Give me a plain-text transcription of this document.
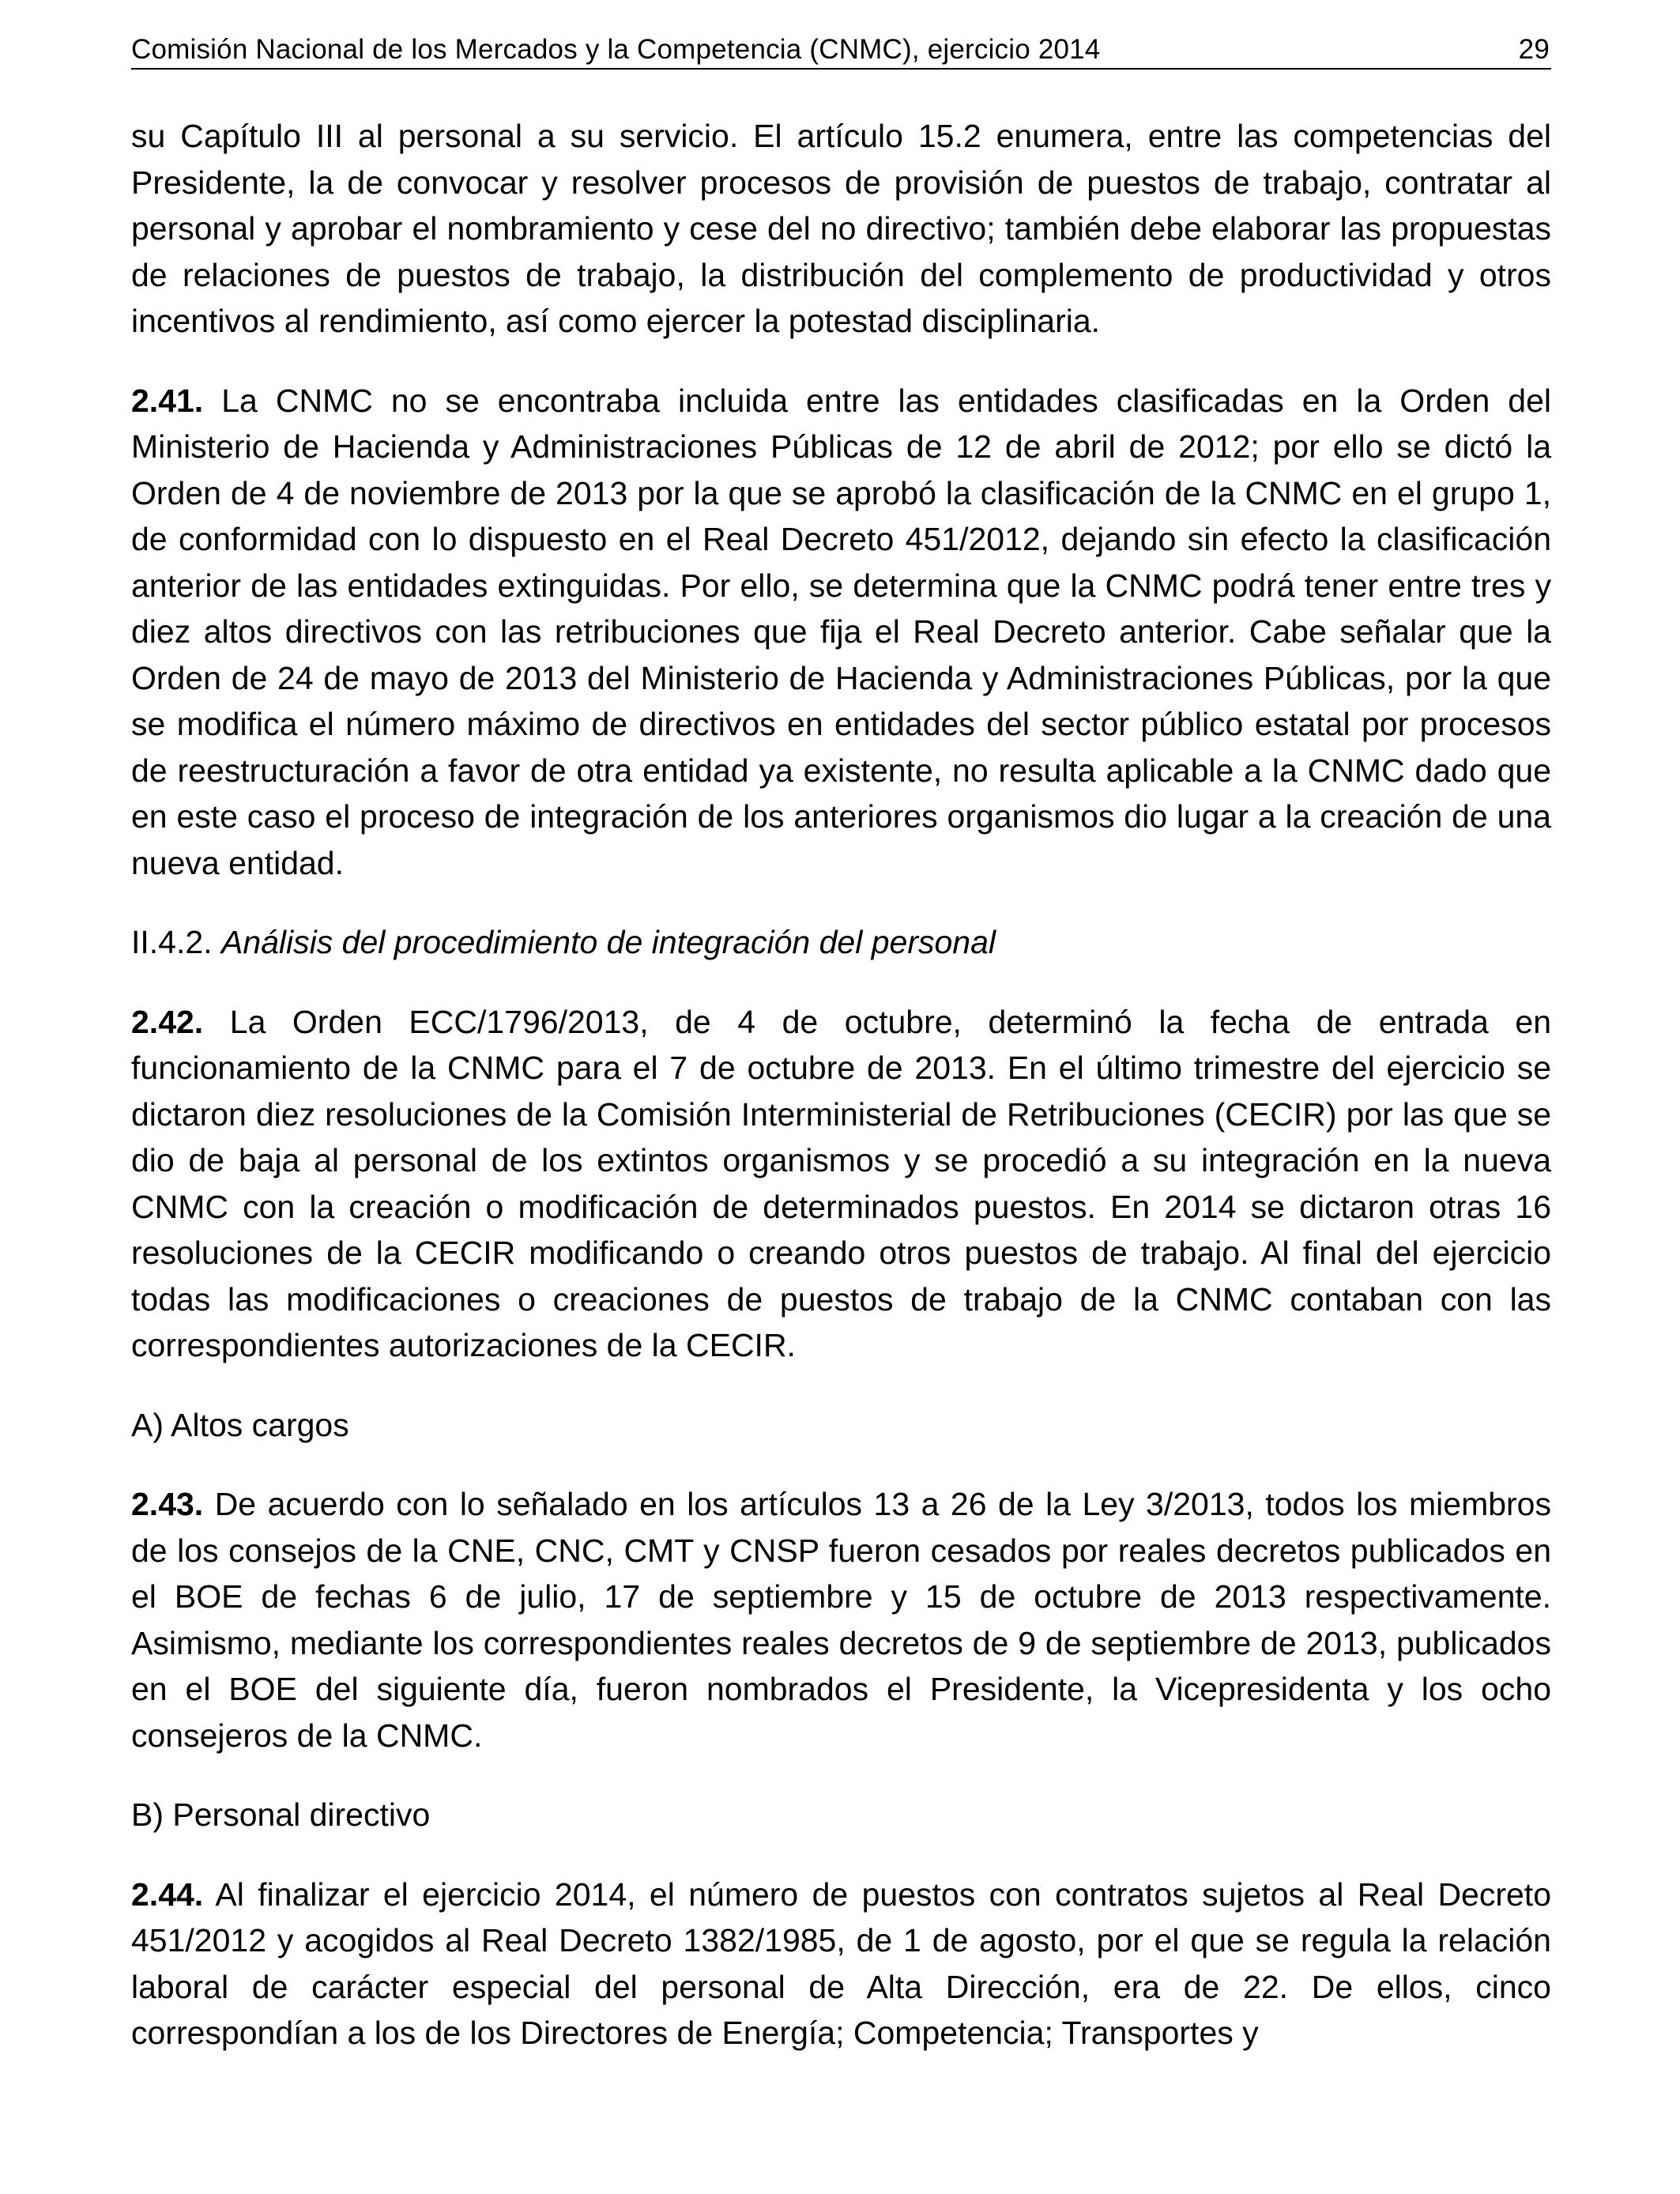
Comisión Nacional de los Mercados y la Competencia (CNMC), ejercicio 2014	29

su Capítulo III al personal a su servicio. El artículo 15.2 enumera, entre las competencias del Presidente, la de convocar y resolver procesos de provisión de puestos de trabajo, contratar al personal y aprobar el nombramiento y cese del no directivo; también debe elaborar las propuestas de relaciones de puestos de trabajo, la distribución del complemento de productividad y otros incentivos al rendimiento, así como ejercer la potestad disciplinaria.

2.41. La CNMC no se encontraba incluida entre las entidades clasificadas en la Orden del Ministerio de Hacienda y Administraciones Públicas de 12 de abril de 2012; por ello se dictó la Orden de 4 de noviembre de 2013 por la que se aprobó la clasificación de la CNMC en el grupo 1, de conformidad con lo dispuesto en el Real Decreto 451/2012, dejando sin efecto la clasificación anterior de las entidades extinguidas. Por ello, se determina que la CNMC podrá tener entre tres y diez altos directivos con las retribuciones que fija el Real Decreto anterior. Cabe señalar que la Orden de 24 de mayo de 2013 del Ministerio de Hacienda y Administraciones Públicas, por la que se modifica el número máximo de directivos en entidades del sector público estatal por procesos de reestructuración a favor de otra entidad ya existente, no resulta aplicable a la CNMC dado que en este caso el proceso de integración de los anteriores organismos dio lugar a la creación de una nueva entidad.

II.4.2. Análisis del procedimiento de integración del personal

2.42. La Orden ECC/1796/2013, de 4 de octubre, determinó la fecha de entrada en funcionamiento de la CNMC para el 7 de octubre de 2013. En el último trimestre del ejercicio se dictaron diez resoluciones de la Comisión Interministerial de Retribuciones (CECIR) por las que se dio de baja al personal de los extintos organismos y se procedió a su integración en la nueva CNMC con la creación o modificación de determinados puestos. En 2014 se dictaron otras 16 resoluciones de la CECIR modificando o creando otros puestos de trabajo. Al final del ejercicio todas las modificaciones o creaciones de puestos de trabajo de la CNMC contaban con las correspondientes autorizaciones de la CECIR.

A) Altos cargos

2.43. De acuerdo con lo señalado en los artículos 13 a 26 de la Ley 3/2013, todos los miembros de los consejos de la CNE, CNC, CMT y CNSP fueron cesados por reales decretos publicados en el BOE de fechas 6 de julio, 17 de septiembre y 15 de octubre de 2013 respectivamente. Asimismo, mediante los correspondientes reales decretos de 9 de septiembre de 2013, publicados en el BOE del siguiente día, fueron nombrados el Presidente, la Vicepresidenta y los ocho consejeros de la CNMC.

B) Personal directivo

2.44. Al finalizar el ejercicio 2014, el número de puestos con contratos sujetos al Real Decreto 451/2012 y acogidos al Real Decreto 1382/1985, de 1 de agosto, por el que se regula la relación laboral de carácter especial del personal de Alta Dirección, era de 22. De ellos, cinco correspondían a los de los Directores de Energía; Competencia; Transportes y
